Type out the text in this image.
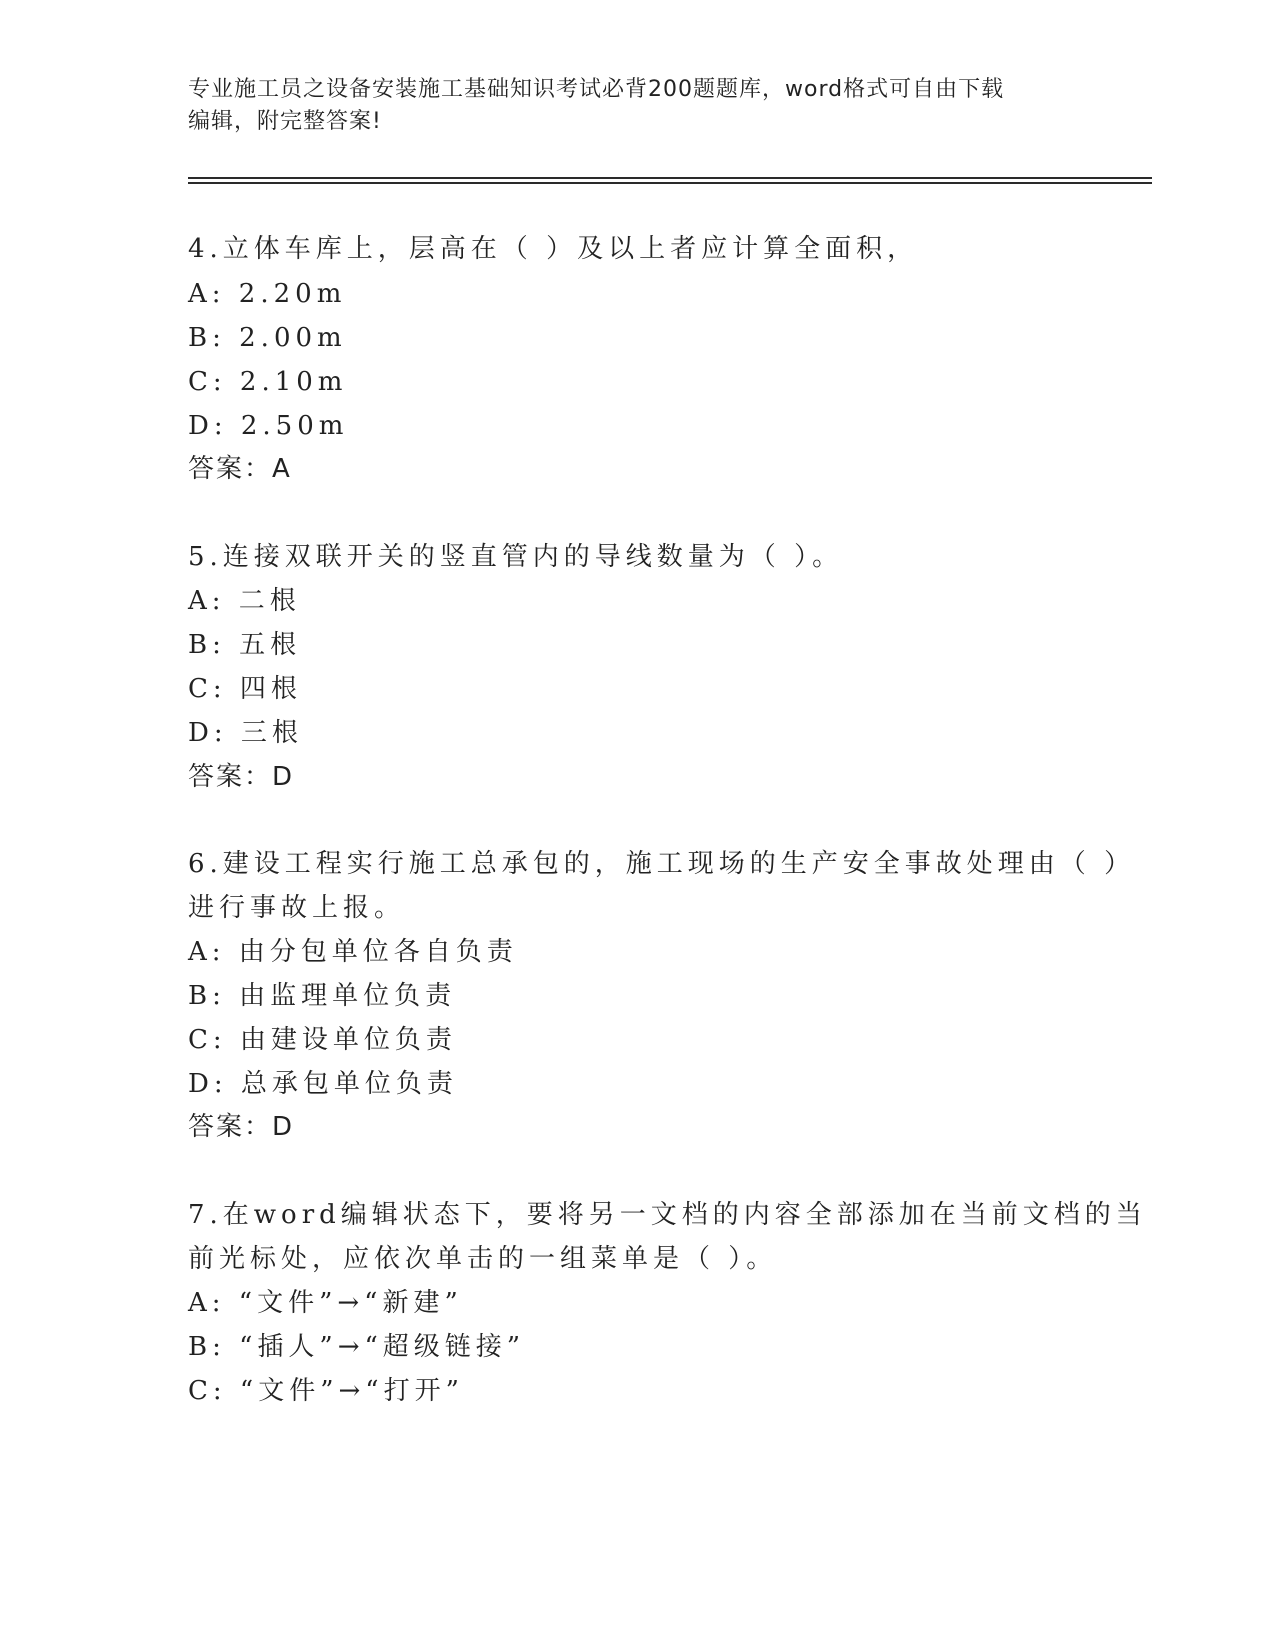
专业施工员之设备安装施工基础知识考试必背200题题库，word格式可自由下载
编辑，附完整答案!
4.立体车库上，层高在（ ）及以上者应计算全面积，
A: 2.20m
B: 2.00m
C: 2.10m
D: 2.50m
答案：A
5.连接双联开关的竖直管内的导线数量为（ ）。
A: 二根
B: 五根
C: 四根
D: 三根
答案：D
6.建设工程实行施工总承包的，施工现场的生产安全事故处理由（ ）
进行事故上报。
A: 由分包单位各自负责
B: 由监理单位负责
C: 由建设单位负责
D: 总承包单位负责
答案：D
7.在word编辑状态下，要将另一文档的内容全部添加在当前文档的当
前光标处，应依次单击的一组菜单是（ ）。
A: “文件”→“新建”
B: “插人”→“超级链接”
C: “文件”→“打开”
